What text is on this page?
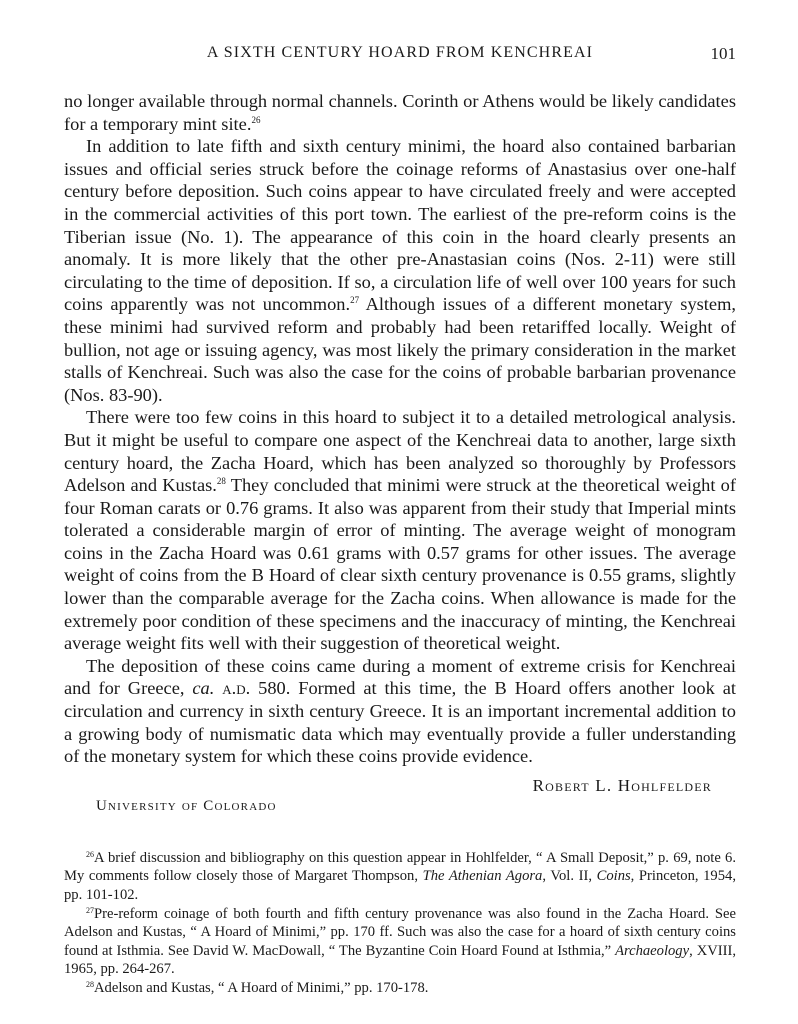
A SIXTH CENTURY HOARD FROM KENCHREAI	101

no longer available through normal channels. Corinth or Athens would be likely candidates for a temporary mint site.$^{26}$

In addition to late fifth and sixth century minimi, the hoard also contained barbarian issues and official series struck before the coinage reforms of Anastasius over one-half century before deposition. Such coins appear to have circulated freely and were accepted in the commercial activities of this port town. The earliest of the pre-reform coins is the Tiberian issue (No. 1). The appearance of this coin in the hoard clearly presents an anomaly. It is more likely that the other pre-Anastasian coins (Nos. 2-11) were still circulating to the time of deposition. If so, a circulation life of well over 100 years for such coins apparently was not uncommon.$^{27}$ Although issues of a different monetary system, these minimi had survived reform and probably had been retariffed locally. Weight of bullion, not age or issuing agency, was most likely the primary consideration in the market stalls of Kenchreai. Such was also the case for the coins of probable barbarian provenance (Nos. 83-90).

There were too few coins in this hoard to subject it to a detailed metrological analysis. But it might be useful to compare one aspect of the Kenchreai data to another, large sixth century hoard, the Zacha Hoard, which has been analyzed so thoroughly by Professors Adelson and Kustas.$^{28}$ They concluded that minimi were struck at the theoretical weight of four Roman carats or 0.76 grams. It also was apparent from their study that Imperial mints tolerated a considerable margin of error of minting. The average weight of monogram coins in the Zacha Hoard was 0.61 grams with 0.57 grams for other issues. The average weight of coins from the B Hoard of clear sixth century provenance is 0.55 grams, slightly lower than the comparable average for the Zacha coins. When allowance is made for the extremely poor condition of these specimens and the inaccuracy of minting, the Kenchreai average weight fits well with their suggestion of theoretical weight.

The deposition of these coins came during a moment of extreme crisis for Kenchreai and for Greece, ca. a.d. 580. Formed at this time, the B Hoard offers another look at circulation and currency in sixth century Greece. It is an important incremental addition to a growing body of numismatic data which may eventually provide a fuller understanding of the monetary system for which these coins provide evidence.

Robert L. Hohlfelder
University of Colorado

$^{26}$A brief discussion and bibliography on this question appear in Hohlfelder, “ A Small Deposit,” p. 69, note 6. My comments follow closely those of Margaret Thompson, The Athenian Agora, Vol. II, Coins, Princeton, 1954, pp. 101-102.

$^{27}$Pre-reform coinage of both fourth and fifth century provenance was also found in the Zacha Hoard. See Adelson and Kustas, “ A Hoard of Minimi,” pp. 170 ff. Such was also the case for a hoard of sixth century coins found at Isthmia. See David W. MacDowall, “ The Byzantine Coin Hoard Found at Isthmia,” Archaeology, XVIII, 1965, pp. 264-267.

$^{28}$Adelson and Kustas, “ A Hoard of Minimi,” pp. 170-178.
